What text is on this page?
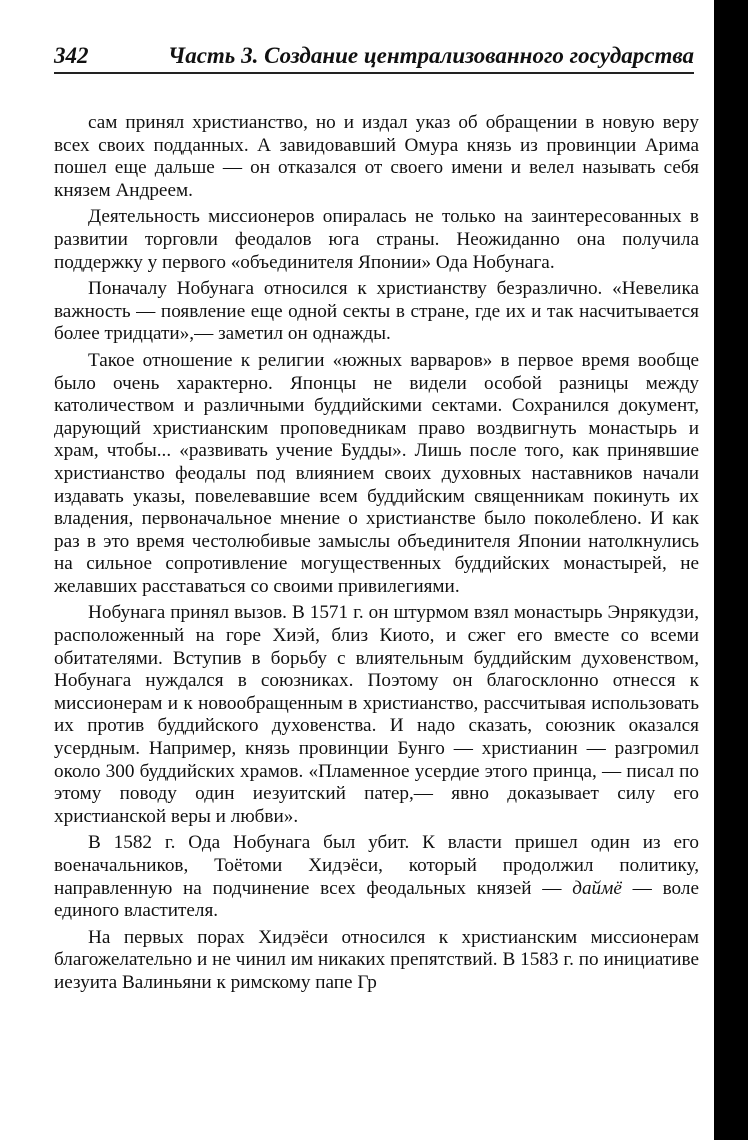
342	Часть 3. Создание централизованного государства

сам принял христианство, но и издал указ об обращении в новую веру всех своих подданных. А завидовавший Омура князь из провинции Арима пошел еще дальше — он отказался от своего имени и велел называть себя князем Андреем.

Деятельность миссионеров опиралась не только на заинтересованных в развитии торговли феодалов юга страны. Неожиданно она получила поддержку у первого «объединителя Японии» Ода Нобунага.

Поначалу Нобунага относился к христианству безразлично. «Невелика важность — появление еще одной секты в стране, где их и так насчитывается более тридцати»,— заметил он однажды.

Такое отношение к религии «южных варваров» в первое время вообще было очень характерно. Японцы не видели особой разницы между католичеством и различными буддийскими сектами. Сохранился документ, дарующий христианским проповедникам право воздвигнуть монастырь и храм, чтобы... «развивать учение Будды». Лишь после того, как принявшие христианство феодалы под влиянием своих духовных наставников начали издавать указы, повелевавшие всем буддийским священникам покинуть их владения, первоначальное мнение о христианстве было поколеблено. И как раз в это время честолюбивые замыслы объединителя Японии натолкнулись на сильное сопротивление могущественных буддийских монастырей, не желавших расставаться со своими привилегиями.

Нобунага принял вызов. В 1571 г. он штурмом взял монастырь Энрякудзи, расположенный на горе Хиэй, близ Киото, и сжег его вместе со всеми обитателями. Вступив в борьбу с влиятельным буддийским духовенством, Нобунага нуждался в союзниках. Поэтому он благосклонно отнесся к миссионерам и к новообращенным в христианство, рассчитывая использовать их против буддийского духовенства. И надо сказать, союзник оказался усердным. Например, князь провинции Бунго — христианин — разгромил около 300 буддийских храмов. «Пламенное усердие этого принца, — писал по этому поводу один иезуитский патер,— явно доказывает силу его христианской веры и любви».

В 1582 г. Ода Нобунага был убит. К власти пришел один из его военачальников, Тоётоми Хидэёси, который продолжил политику, направленную на подчинение всех феодальных князей — даймё — воле единого властителя.

На первых порах Хидэёси относился к христианским миссионерам благожелательно и не чинил им никаких препятствий. В 1583 г. по инициативе иезуита Валиньяни к римскому папе Гр
